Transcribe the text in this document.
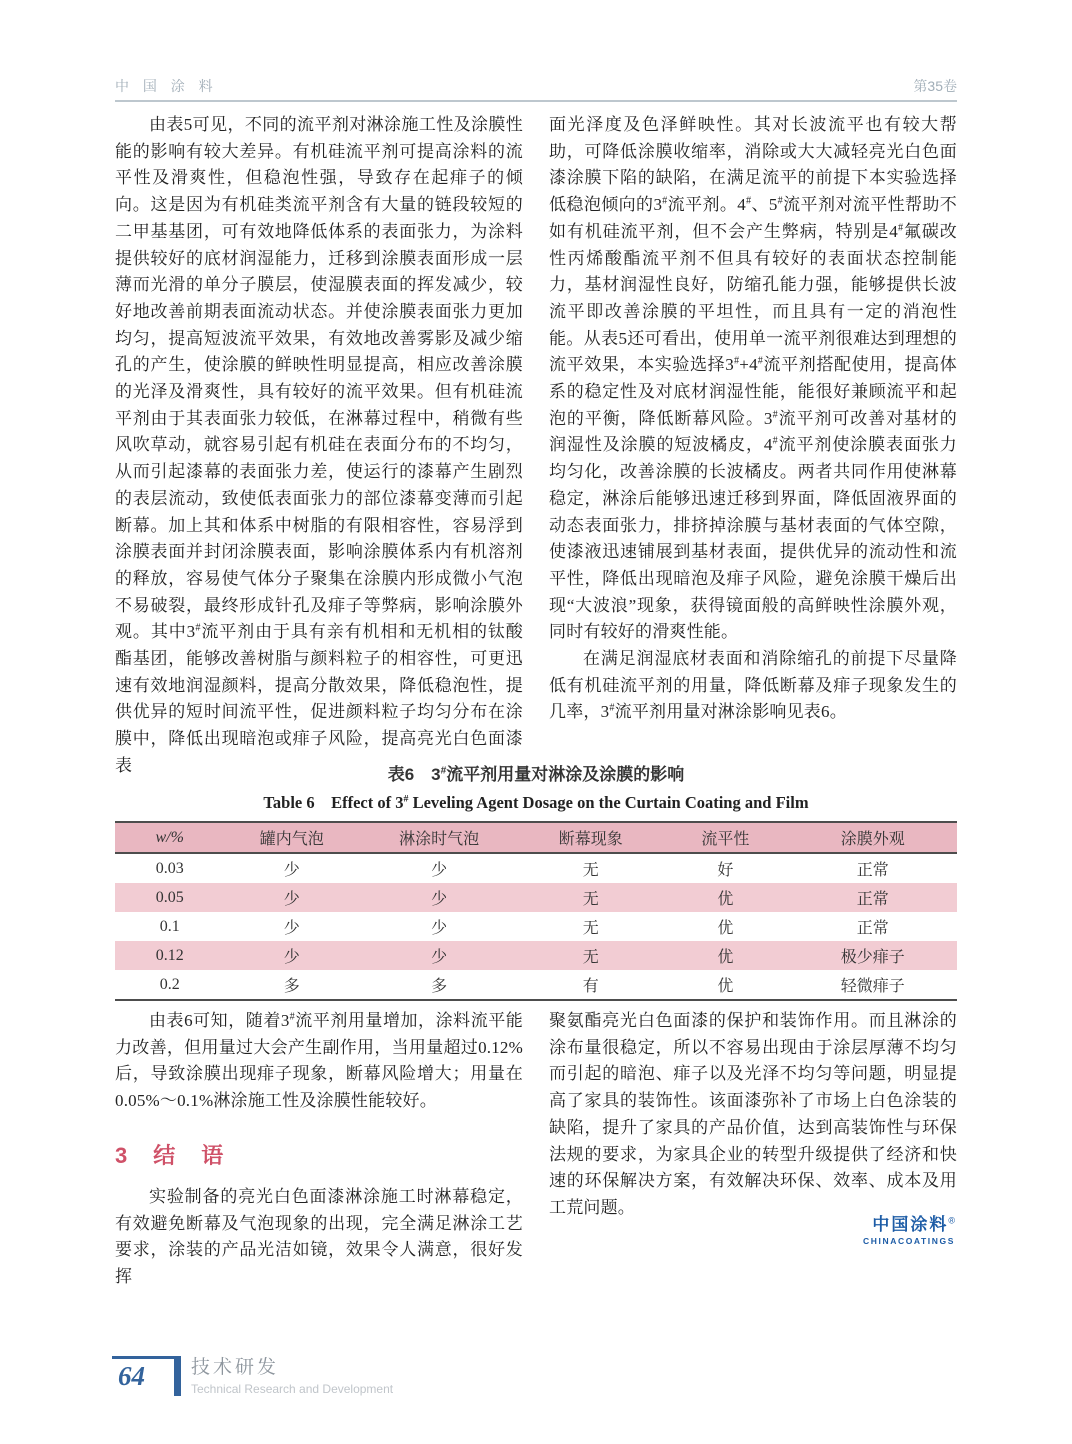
中 国 涂 料	第35卷

由表5可见，不同的流平剂对淋涂施工性及涂膜性能的影响有较大差异。有机硅流平剂可提高涂料的流平性及滑爽性，但稳泡性强，导致存在起痱子的倾向。这是因为有机硅类流平剂含有大量的链段较短的二甲基基团，可有效地降低体系的表面张力，为涂料提供较好的底材润湿能力，迁移到涂膜表面形成一层薄而光滑的单分子膜层，使湿膜表面的挥发减少，较好地改善前期表面流动状态。并使涂膜表面张力更加均匀，提高短波流平效果，有效地改善雾影及减少缩孔的产生，使涂膜的鲜映性明显提高，相应改善涂膜的光泽及滑爽性，具有较好的流平效果。但有机硅流平剂由于其表面张力较低，在淋幕过程中，稍微有些风吹草动，就容易引起有机硅在表面分布的不均匀，从而引起漆幕的表面张力差，使运行的漆幕产生剧烈的表层流动，致使低表面张力的部位漆幕变薄而引起断幕。加上其和体系中树脂的有限相容性，容易浮到涂膜表面并封闭涂膜表面，影响涂膜体系内有机溶剂的释放，容易使气体分子聚集在涂膜内形成微小气泡不易破裂，最终形成针孔及痱子等弊病，影响涂膜外观。其中3#流平剂由于具有亲有机相和无机相的钛酸酯基团，能够改善树脂与颜料粒子的相容性，可更迅速有效地润湿颜料，提高分散效果，降低稳泡性，提供优异的短时间流平性，促进颜料粒子均匀分布在涂膜中，降低出现暗泡或痱子风险，提高亮光白色面漆表

面光泽度及色泽鲜映性。其对长波流平也有较大帮助，可降低涂膜收缩率，消除或大大减轻亮光白色面漆涂膜下陷的缺陷，在满足流平的前提下本实验选择低稳泡倾向的3#流平剂。4#、5#流平剂对流平性帮助不如有机硅流平剂，但不会产生弊病，特别是4#氟碳改性丙烯酸酯流平剂不但具有较好的表面状态控制能力，基材润湿性良好，防缩孔能力强，能够提供长波流平即改善涂膜的平坦性，而且具有一定的消泡性能。从表5还可看出，使用单一流平剂很难达到理想的流平效果，本实验选择3#+4#流平剂搭配使用，提高体系的稳定性及对底材润湿性能，能很好兼顾流平和起泡的平衡，降低断幕风险。3#流平剂可改善对基材的润湿性及涂膜的短波橘皮，4#流平剂使涂膜表面张力均匀化，改善涂膜的长波橘皮。两者共同作用使淋幕稳定，淋涂后能够迅速迁移到界面，降低固液界面的动态表面张力，排挤掉涂膜与基材表面的气体空隙，使漆液迅速铺展到基材表面，提供优异的流动性和流平性，降低出现暗泡及痱子风险，避免涂膜干燥后出现“大波浪”现象，获得镜面般的高鲜映性涂膜外观，同时有较好的滑爽性能。

在满足润湿底材表面和消除缩孔的前提下尽量降低有机硅流平剂的用量，降低断幕及痱子现象发生的几率，3#流平剂用量对淋涂影响见表6。

表6　3#流平剂用量对淋涂及涂膜的影响

Table 6　Effect of 3# Leveling Agent Dosage on the Curtain Coating and Film

w/%	罐内气泡	淋涂时气泡	断幕现象	流平性	涂膜外观
0.03	少	少	无	好	正常
0.05	少	少	无	优	正常
0.1	少	少	无	优	正常
0.12	少	少	无	优	极少痱子
0.2	多	多	有	优	轻微痱子

由表6可知，随着3#流平剂用量增加，涂料流平能力改善，但用量过大会产生副作用，当用量超过0.12%后，导致涂膜出现痱子现象，断幕风险增大；用量在0.05%～0.1%淋涂施工性及涂膜性能较好。

3　结　语

实验制备的亮光白色面漆淋涂施工时淋幕稳定，有效避免断幕及气泡现象的出现，完全满足淋涂工艺要求，涂装的产品光洁如镜，效果令人满意，很好发挥

聚氨酯亮光白色面漆的保护和装饰作用。而且淋涂的涂布量很稳定，所以不容易出现由于涂层厚薄不均匀而引起的暗泡、痱子以及光泽不均匀等问题，明显提高了家具的装饰性。该面漆弥补了市场上白色涂装的缺陷，提升了家具的产品价值，达到高装饰性与环保法规的要求，为家具企业的转型升级提供了经济和快速的环保解决方案，有效解决环保、效率、成本及用工荒问题。

中国涂料®
CHINACOATINGS
64	技术研发
Technical Research and Development
